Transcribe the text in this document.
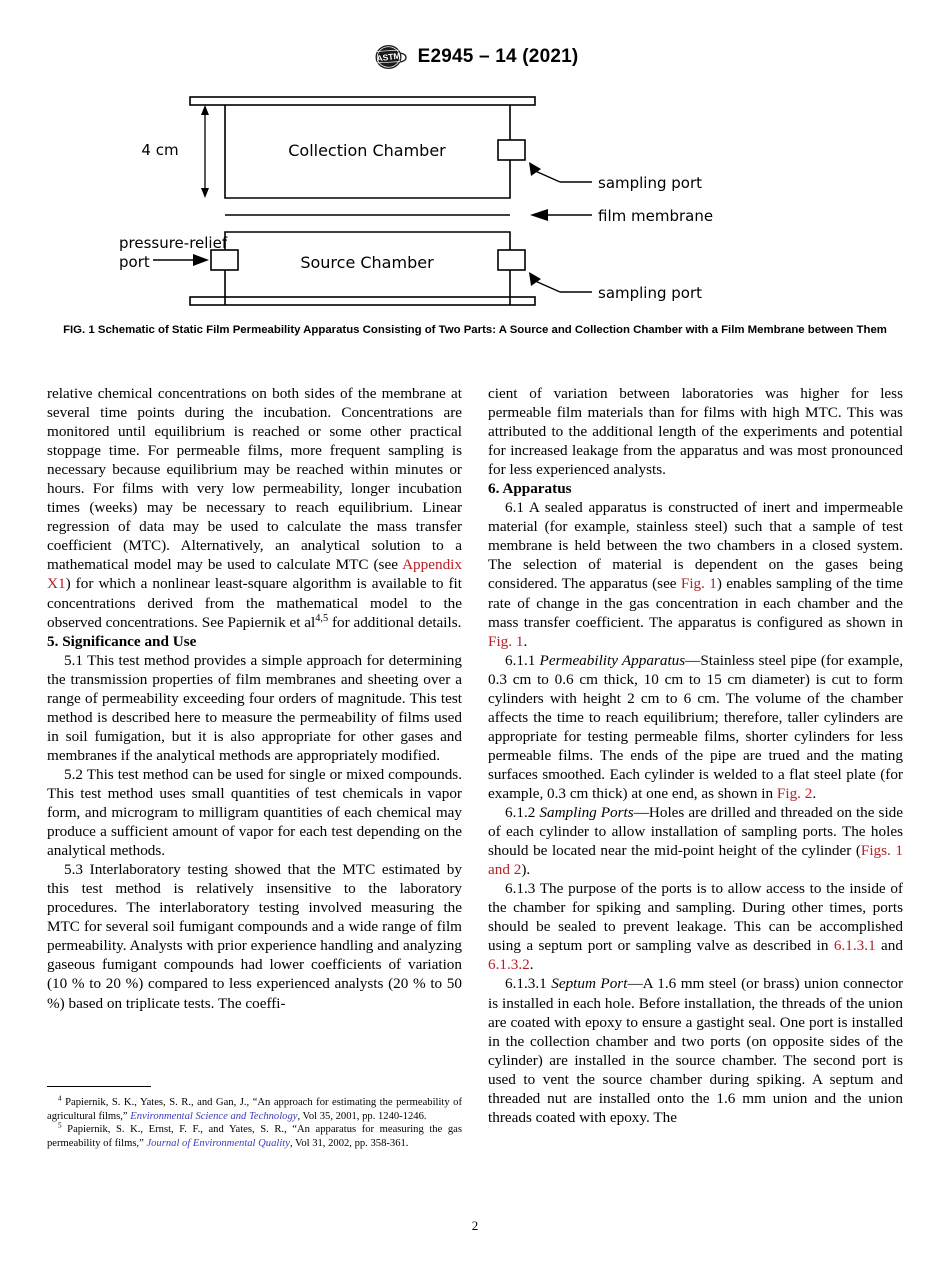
ASTM E2945 – 14 (2021)
4 cm	Collection Chamber
Source Chamber
sampling port
film membrane
sampling port
pressure-relief
port
FIG. 1 Schematic of Static Film Permeability Apparatus Consisting of Two Parts: A Source and Collection Chamber with a Film Membrane between Them

relative chemical concentrations on both sides of the membrane at several time points during the incubation. Concentrations are monitored until equilibrium is reached or some other practical stoppage time. For permeable films, more frequent sampling is necessary because equilibrium may be reached within minutes or hours. For films with very low permeability, longer incubation times (weeks) may be necessary to reach equilibrium. Linear regression of data may be used to calculate the mass transfer coefficient (MTC). Alternatively, an analytical solution to a mathematical model may be used to calculate MTC (see Appendix X1) for which a nonlinear least-square algorithm is available to fit concentrations derived from the mathematical model to the observed concentrations. See Papiernik et al$^{4,5}$ for additional details.

5. Significance and Use

5.1 This test method provides a simple approach for determining the transmission properties of film membranes and sheeting over a range of permeability exceeding four orders of magnitude. This test method is described here to measure the permeability of films used in soil fumigation, but it is also appropriate for other gases and membranes if the analytical methods are appropriately modified.

5.2 This test method can be used for single or mixed compounds. This test method uses small quantities of test chemicals in vapor form, and microgram to milligram quantities of each chemical may produce a sufficient amount of vapor for each test depending on the analytical methods.

5.3 Interlaboratory testing showed that the MTC estimated by this test method is relatively insensitive to the laboratory procedures. The interlaboratory testing involved measuring the MTC for several soil fumigant compounds and a wide range of film permeability. Analysts with prior experience handling and analyzing gaseous fumigant compounds had lower coefficients of variation (10 % to 20 %) compared to less experienced analysts (20 % to 50 %) based on triplicate tests. The coeffi-

cient of variation between laboratories was higher for less permeable film materials than for films with high MTC. This was attributed to the additional length of the experiments and potential for increased leakage from the apparatus and was most pronounced for less experienced analysts.

6. Apparatus

6.1 A sealed apparatus is constructed of inert and impermeable material (for example, stainless steel) such that a sample of test membrane is held between the two chambers in a closed system. The selection of material is dependent on the gases being considered. The apparatus (see Fig. 1) enables sampling of the time rate of change in the gas concentration in each chamber and the mass transfer coefficient. The apparatus is configured as shown in Fig. 1.

6.1.1 Permeability Apparatus—Stainless steel pipe (for example, 0.3 cm to 0.6 cm thick, 10 cm to 15 cm diameter) is cut to form cylinders with height 2 cm to 6 cm. The volume of the chamber affects the time to reach equilibrium; therefore, taller cylinders are appropriate for testing permeable films, shorter cylinders for less permeable films. The ends of the pipe are trued and the mating surfaces smoothed. Each cylinder is welded to a flat steel plate (for example, 0.3 cm thick) at one end, as shown in Fig. 2.

6.1.2 Sampling Ports—Holes are drilled and threaded on the side of each cylinder to allow installation of sampling ports. The holes should be located near the mid-point height of the cylinder (Figs. 1 and 2).

6.1.3 The purpose of the ports is to allow access to the inside of the chamber for spiking and sampling. During other times, ports should be sealed to prevent leakage. This can be accomplished using a septum port or sampling valve as described in 6.1.3.1 and 6.1.3.2.

6.1.3.1 Septum Port—A 1.6 mm steel (or brass) union connector is installed in each hole. Before installation, the threads of the union are coated with epoxy to ensure a gastight seal. One port is installed in the collection chamber and two ports (on opposite sides of the cylinder) are installed in the source chamber. The second port is used to vent the source chamber during spiking. A septum and threaded nut are installed onto the 1.6 mm union and the union threads coated with epoxy. The

$^4$ Papiernik, S. K., Yates, S. R., and Gan, J., “An approach for estimating the permeability of agricultural films,” Environmental Science and Technology, Vol 35, 2001, pp. 1240-1246.

$^5$ Papiernik, S. K., Ernst, F. F., and Yates, S. R., “An apparatus for measuring the gas permeability of films,” Journal of Environmental Quality, Vol 31, 2002, pp. 358-361.

2
